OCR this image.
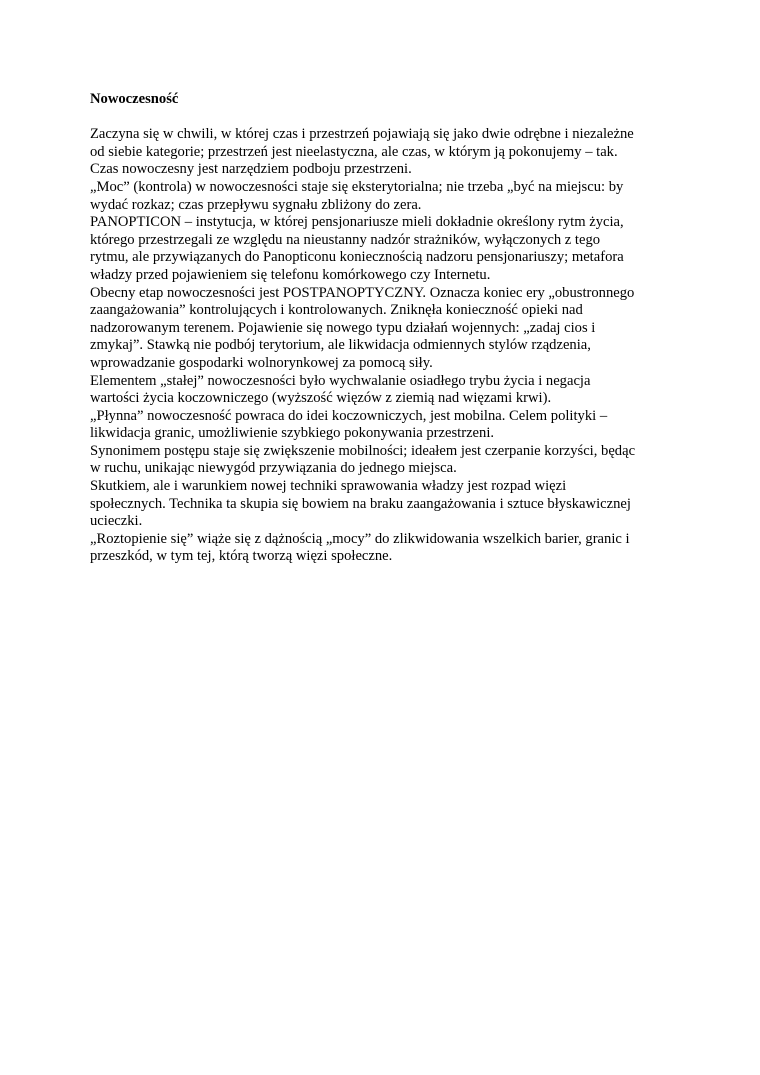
Nowoczesność
Zaczyna się w chwili, w której czas i przestrzeń pojawiają się jako dwie odrębne i niezależne
od siebie kategorie; przestrzeń jest nieelastyczna, ale czas, w którym ją pokonujemy – tak.
Czas nowoczesny jest narzędziem podboju przestrzeni.
„Moc” (kontrola) w nowoczesności staje się eksterytorialna; nie trzeba „być na miejscu: by
wydać rozkaz; czas przepływu sygnału zbliżony do zera.
PANOPTICON – instytucja, w której pensjonariusze mieli dokładnie określony rytm życia,
którego przestrzegali ze względu na nieustanny nadzór strażników, wyłączonych z tego
rytmu, ale przywiązanych do Panopticonu koniecznością nadzoru pensjonariuszy; metafora
władzy przed pojawieniem się telefonu komórkowego czy Internetu.
Obecny etap nowoczesności jest POSTPANOPTYCZNY. Oznacza koniec ery „obustronnego
zaangażowania” kontrolujących i kontrolowanych. Zniknęła konieczność opieki nad
nadzorowanym terenem. Pojawienie się nowego typu działań wojennych: „zadaj cios i
zmykaj”. Stawką nie podbój terytorium, ale likwidacja odmiennych stylów rządzenia,
wprowadzanie gospodarki wolnorynkowej za pomocą siły.
Elementem „stałej” nowoczesności było wychwalanie osiadłego trybu życia i negacja
wartości życia koczowniczego (wyższość więzów z ziemią nad więzami krwi).
„Płynna” nowoczesność powraca do idei koczowniczych, jest mobilna. Celem polityki –
likwidacja granic, umożliwienie szybkiego pokonywania przestrzeni.
Synonimem postępu staje się zwiększenie mobilności; ideałem jest czerpanie korzyści, będąc
w ruchu, unikając niewygód przywiązania do jednego miejsca.
Skutkiem, ale i warunkiem nowej techniki sprawowania władzy jest rozpad więzi
społecznych. Technika ta skupia się bowiem na braku zaangażowania i sztuce błyskawicznej
ucieczki.
„Roztopienie się” wiąże się z dążnością „mocy” do zlikwidowania wszelkich barier, granic i
przeszkód, w tym tej, którą tworzą więzi społeczne.
